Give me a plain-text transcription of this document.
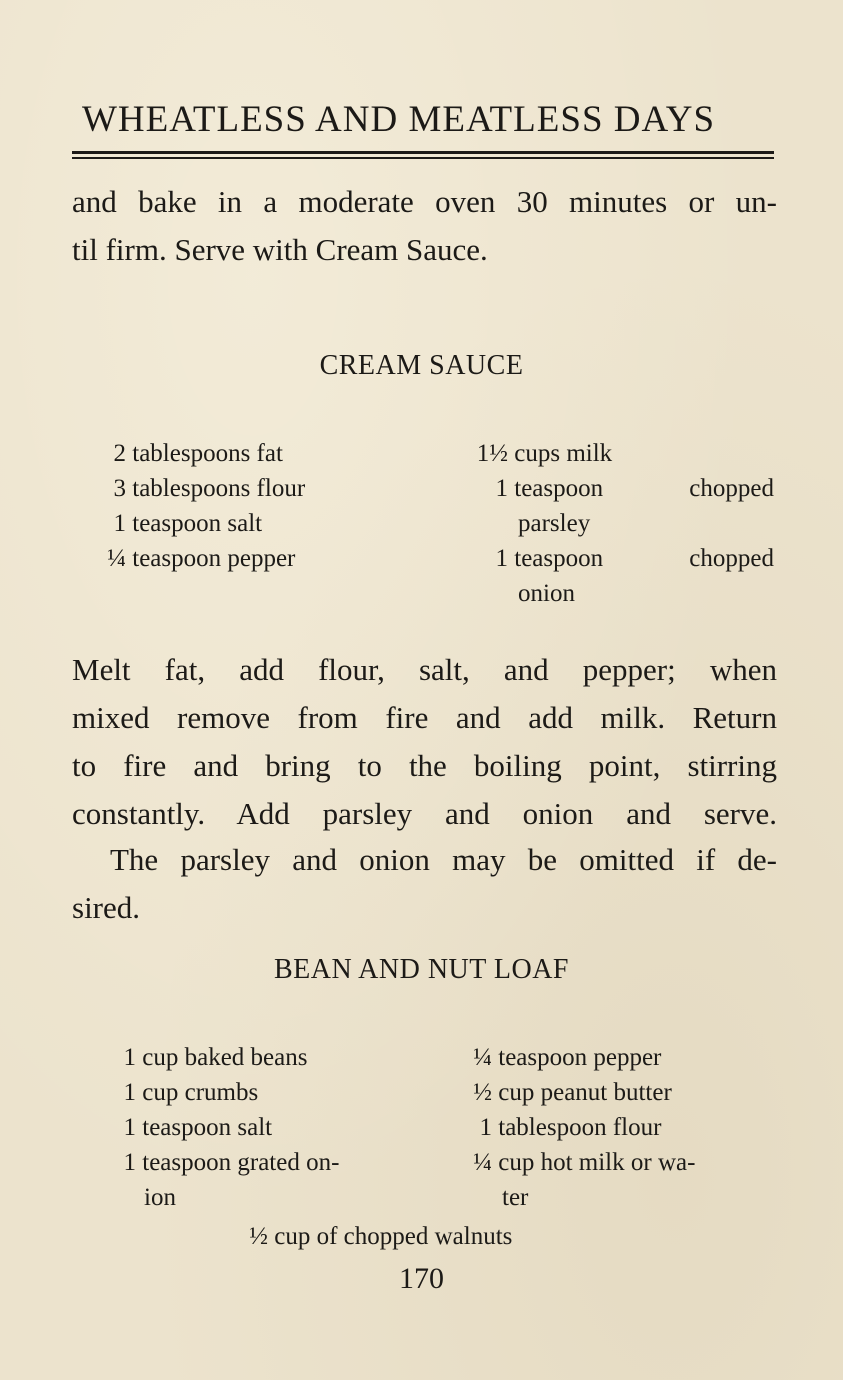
WHEATLESS AND MEATLESS DAYS
and bake in a moderate oven 30 minutes or un-
til firm. Serve with Cream Sauce.
CREAM SAUCE
2 tablespoons fat
3 tablespoons flour
1 teaspoon salt
¼ teaspoon pepper
1½ cups milk
1 teaspoon	chopped
parsley
1 teaspoon	chopped
onion
Melt fat, add flour, salt, and pepper; when
mixed remove from fire and add milk. Return
to fire and bring to the boiling point, stirring
constantly. Add parsley and onion and serve.
The parsley and onion may be omitted if de-
sired.
BEAN AND NUT LOAF
1 cup baked beans
1 cup crumbs
1 teaspoon salt
1 teaspoon grated on-
ion
¼ teaspoon pepper
½ cup peanut butter
1 tablespoon flour
¼ cup hot milk or wa-
ter
½ cup of chopped walnuts
170
